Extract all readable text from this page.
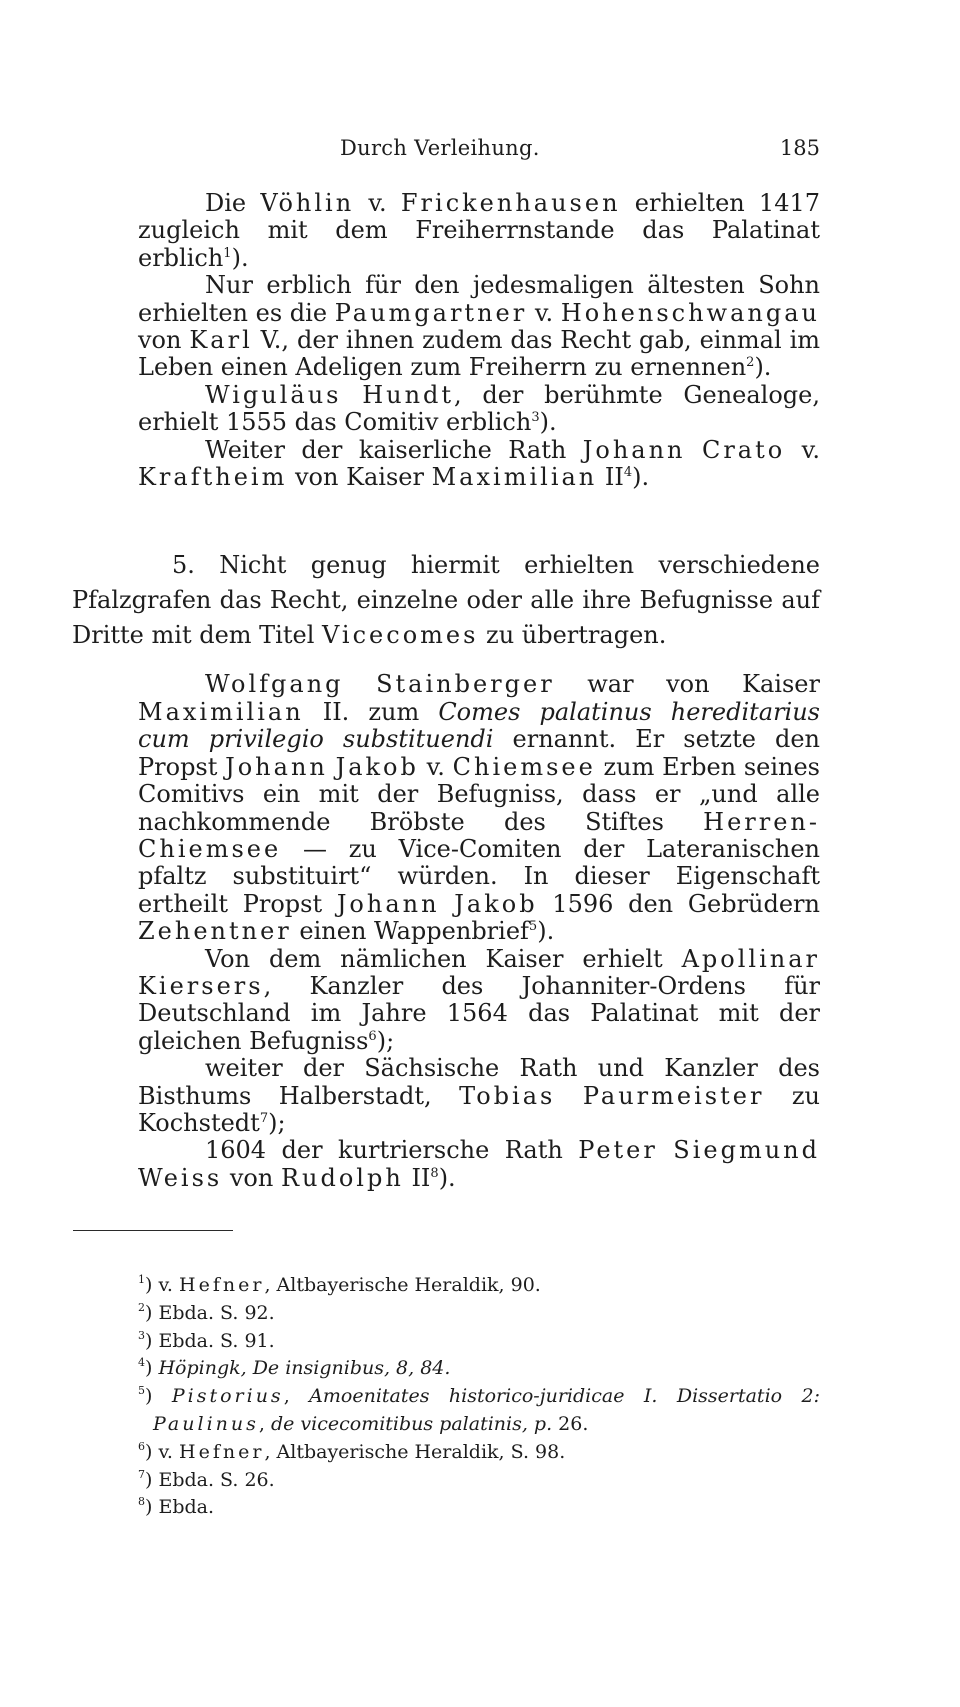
Durch Verleihung.	185

Die Vöhlin v. Frickenhausen erhielten 1417 zugleich mit dem Freiherrnstande das Palatinat erblich$^1$).

Nur erblich für den jedesmaligen ältesten Sohn erhielten es die Paumgartner v. Hohenschwangau von Karl V., der ihnen zudem das Recht gab, einmal im Leben einen Adeligen zum Freiherrn zu ernennen$^2$).

Wiguläus Hundt, der berühmte Genealoge, erhielt 1555 das Comitiv erblich$^3$).

Weiter der kaiserliche Rath Johann Crato v. Kraftheim von Kaiser Maximilian $II^4$).

5. Nicht genug hiermit erhielten verschiedene Pfalzgrafen das Recht, einzelne oder alle ihre Befugnisse auf Dritte mit dem Titel Vicecomes zu übertragen.

Wolfgang Stainberger war von Kaiser Maximilian II. zum Comes palatinus hereditarius cum privilegio substituendi ernannt. Er setzte den Propst Johann Jakob v. Chiemsee zum Erben seines Comitivs ein mit der Befugniss, dass er „und alle nachkommende Bröbste des Stiftes Herren-Chiemsee — zu Vice-Comiten der Lateranischen pfaltz substituirt“ würden. In dieser Eigenschaft ertheilt Propst Johann Jakob 1596 den Gebrüdern Zehentner einen Wappenbrief$^5$).

Von dem nämlichen Kaiser erhielt Apollinar Kiersers, Kanzler des Johanniter-Ordens für Deutschland im Jahre 1564 das Palatinat mit der gleichen Befugniss$^6$);

weiter der Sächsische Rath und Kanzler des Bisthums Halberstadt, Tobias Paurmeister zu Kochstedt$^7$);

1604 der kurtriersche Rath Peter Siegmund Weiss von Rudolph $II^8$).

$^1$) v. Hefner, Altbayerische Heraldik, 90.

$^2$) Ebda. S. 92.

$^3$) Ebda. S. 91.

$^4$) Höpingk, De insignibus, 8, 84.

$^5$) Pistorius, Amoenitates historico-juridicae I. Dissertatio 2: Paulinus, de vicecomitibus palatinis, p. 26.

$^6$) v. Hefner, Altbayerische Heraldik, S. 98.

$^7$) Ebda. S. 26.

$^8$) Ebda.
